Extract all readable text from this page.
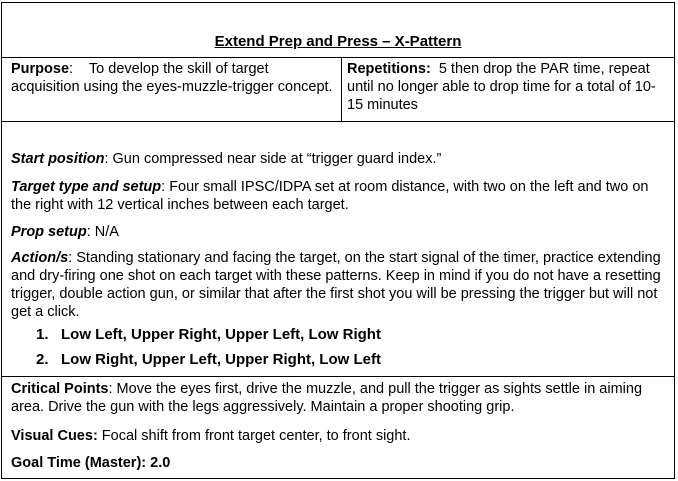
Extend Prep and Press – X-Pattern
Purpose:    To develop the skill of target acquisition using the eyes-muzzle-trigger concept.
Repetitions: 5 then drop the PAR time, repeat until no longer able to drop time for a total of 10-15 minutes
Start position: Gun compressed near side at “trigger guard index.”
Target type and setup: Four small IPSC/IDPA set at room distance, with two on the left and two on the right with 12 vertical inches between each target.
Prop setup: N/A
Action/s: Standing stationary and facing the target, on the start signal of the timer, practice extending and dry-firing one shot on each target with these patterns. Keep in mind if you do not have a resetting trigger, double action gun, or similar that after the first shot you will be pressing the trigger but will not get a click.
1. Low Left, Upper Right, Upper Left, Low Right
2. Low Right, Upper Left, Upper Right, Low Left
Critical Points: Move the eyes first, drive the muzzle, and pull the trigger as sights settle in aiming area. Drive the gun with the legs aggressively. Maintain a proper shooting grip.
Visual Cues: Focal shift from front target center, to front sight.
Goal Time (Master): 2.0
